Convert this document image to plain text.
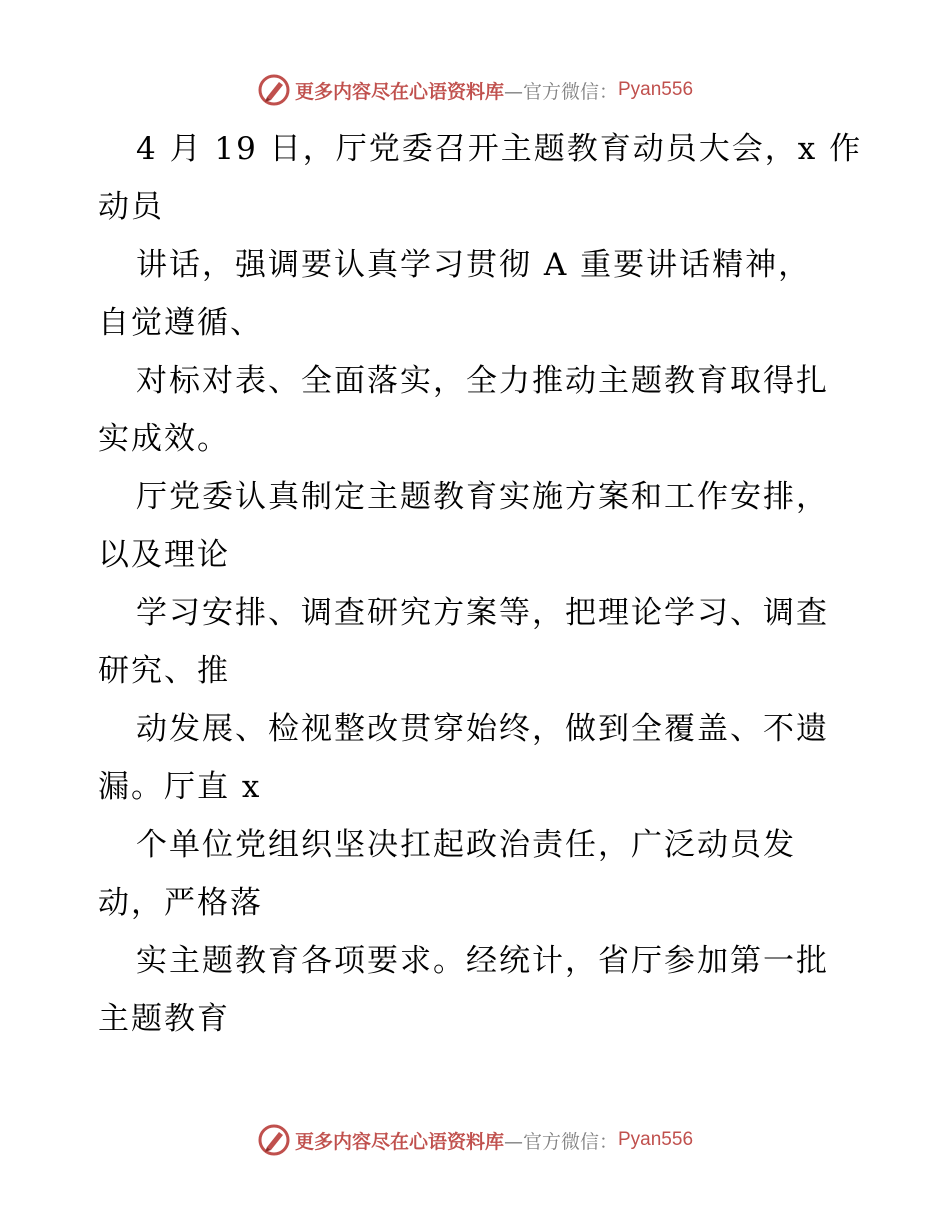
更多内容尽在心语资料库 —官方微信： Pyan556
4 月 19 日，厅党委召开主题教育动员大会，x 作
动员
讲话，强调要认真学习贯彻 A 重要讲话精神，
自觉遵循、
对标对表、全面落实，全力推动主题教育取得扎
实成效。
厅党委认真制定主题教育实施方案和工作安排，
以及理论
学习安排、调查研究方案等，把理论学习、调查
研究、推
动发展、检视整改贯穿始终，做到全覆盖、不遗
漏。厅直 x
个单位党组织坚决扛起政治责任，广泛动员发
动，严格落
实主题教育各项要求。经统计，省厅参加第一批
主题教育
更多内容尽在心语资料库 —官方微信： Pyan556
